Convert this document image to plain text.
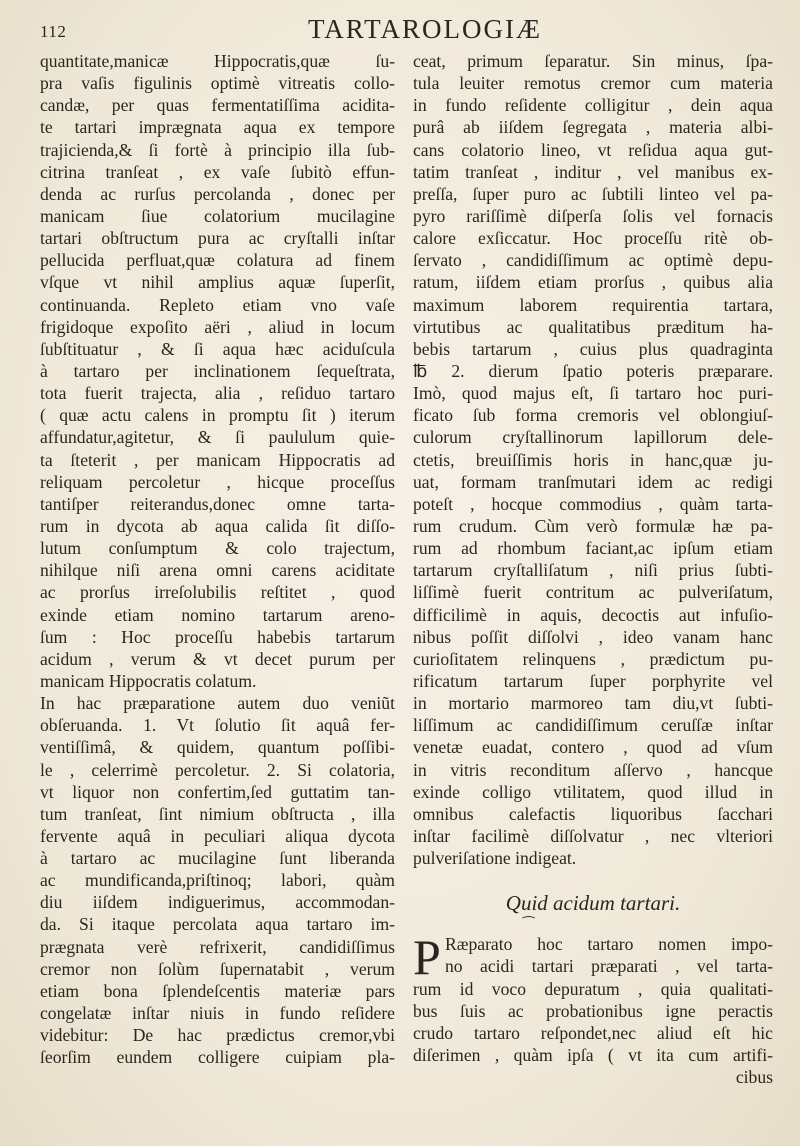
112	TARTAROLOGIÆ
quantitate,manicæ Hippocratis,quæ ſu-
pra vaſis figulinis optimè vitreatis collo-
candæ, per quas fermentatiſſima acidita-
te tartari imprægnata aqua ex tempore
trajicienda,& ſi fortè à principio illa ſub-
citrina tranſeat , ex vaſe ſubitò effun-
denda ac rurſus percolanda , donec per
manicam ſiue colatorium mucilagine
tartari obſtructum pura ac cryſtalli inſtar
pellucida perfluat,quæ colatura ad finem
vſque vt nihil amplius aquæ ſuperſit,
continuanda. Repleto etiam vno vaſe
frigidoque expoſito aëri , aliud in locum
ſubſtituatur , & ſi aqua hæc aciduſcula
à tartaro per inclinationem ſequeſtrata,
tota fuerit trajecta, alia , reſiduo tartaro
( quæ actu calens in promptu ſit ) iterum
affundatur,agitetur, & ſi paululum quie-
ta ſteterit , per manicam Hippocratis ad
reliquam percoletur , hicque proceſſus
tantiſper reiterandus,donec omne tarta-
rum in dycota ab aqua calida ſit diſſo-
lutum conſumptum & colo trajectum,
nihilque niſi arena omni carens aciditate
ac prorſus irreſolubilis reſtitet , quod
exinde etiam nomino tartarum areno-
ſum : Hoc proceſſu habebis tartarum
acidum , verum & vt decet purum per
manicam Hippocratis colatum.
In hac præparatione autem duo veniũt
obſeruanda. 1. Vt ſolutio ſit aquâ fer-
ventiſſimâ, & quidem, quantum poſſibi-
le , celerrimè percoletur. 2. Si colatoria,
vt liquor non confertim,ſed guttatim tan-
tum tranſeat, ſint nimium obſtructa , illa
fervente aquâ in peculiari aliqua dycota
à tartaro ac mucilagine ſunt liberanda
ac mundificanda,priſtinoq; labori, quàm
diu iiſdem indiguerimus, accommodan-
da. Si itaque percolata aqua tartaro im-
prægnata verè refrixerit, candidiſſimus
cremor non ſolùm ſupernatabit , verum
etiam bona ſplendeſcentis materiæ pars
congelatæ inſtar niuis in fundo reſidere
videbitur: De hac prædictus cremor,vbi
ſeorſim eundem colligere cuipiam pla-
ceat, primum ſeparatur. Sin minus, ſpa-
tula leuiter remotus cremor cum materia
in fundo reſidente colligitur , dein aqua
purâ ab iiſdem ſegregata , materia albi-
cans colatorio lineo, vt reſidua aqua gut-
tatim tranſeat , inditur , vel manibus ex-
preſſa, ſuper puro ac ſubtili linteo vel pa-
pyro rariſſimè diſperſa ſolis vel fornacis
calore exſiccatur. Hoc proceſſu ritè ob-
ſervato , candidiſſimum ac optimè depu-
ratum, iiſdem etiam prorſus , quibus alia
maximum laborem requirentia tartara,
virtutibus ac qualitatibus præditum ha-
bebis tartarum , cuius plus quadraginta
℔ 2. dierum ſpatio poteris præparare.
Imò, quod majus eſt, ſi tartaro hoc puri-
ficato ſub forma cremoris vel oblongiuſ-
culorum cryſtallinorum lapillorum dele-
ctetis, breuiſſimis horis in hanc,quæ ju-
uat, formam tranſmutari idem ac redigi
poteſt , hocque commodius , quàm tarta-
rum crudum. Cùm verò formulæ hæ pa-
rum ad rhombum faciant,ac ipſum etiam
tartarum cryſtalliſatum , niſi prius ſubti-
liſſimè fuerit contritum ac pulveriſatum,
difficilimè in aquis, decoctis aut infuſio-
nibus poſſit diſſolvi , ideo vanam hanc
curioſitatem relinquens , prædictum pu-
rificatum tartarum ſuper porphyrite vel
in mortario marmoreo tam diu,vt ſubti-
liſſimum ac candidiſſimum ceruſſæ inſtar
venetæ euadat, contero , quod ad vſum
in vitris reconditum aſſervo , hancque
exinde colligo vtilitatem, quod illud in
omnibus calefactis liquoribus ſacchari
inſtar facilimè diſſolvatur , nec vlteriori
pulveriſatione indigeat.
Quid acidum tartari.
⁀
P Ræparato hoc tartaro nomen impo-
no acidi tartari præparati , vel tarta-
rum id voco depuratum , quia qualitati-
bus ſuis ac probationibus igne peractis
crudo tartaro reſpondet,nec aliud eſt hic
diſerimen , quàm ipſa ( vt ita cum artifi-
cibus
